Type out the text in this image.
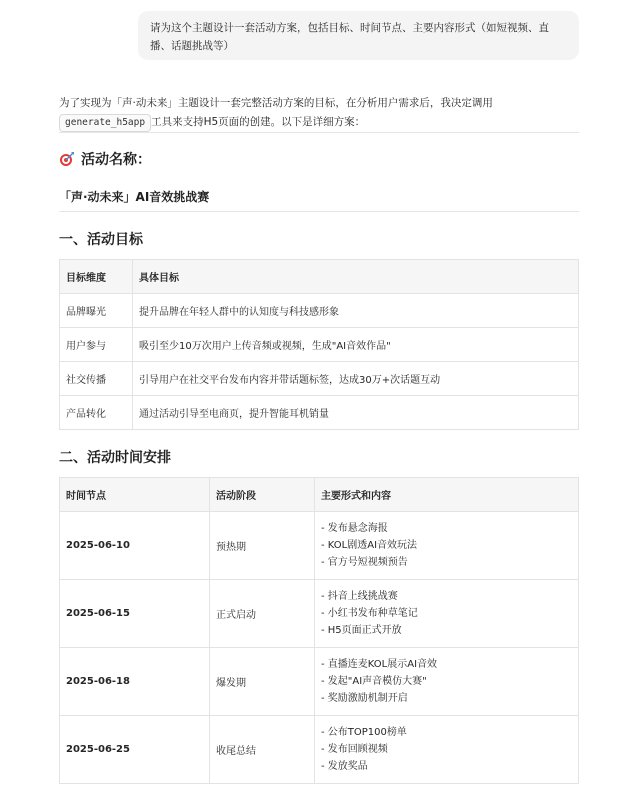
请为这个主题设计一套活动方案，包括目标、时间节点、主要内容形式（如短视频、直播、话题挑战等）
为了实现为「声·动未来」主题设计一套完整活动方案的目标，在分析用户需求后，我决定调用generate_h5app 工具来支持H5页面的创建。以下是详细方案：
活动名称：
「声·动未来」AI音效挑战赛
一、活动目标
目标维度	具体目标
品牌曝光	提升品牌在年轻人群中的认知度与科技感形象
用户参与	吸引至少10万次用户上传音频或视频，生成"AI音效作品"
社交传播	引导用户在社交平台发布内容并带话题标签，达成30万+次话题互动
产品转化	通过活动引导至电商页，提升智能耳机销量
二、活动时间安排
时间节点	活动阶段	主要形式和内容
2025-06-10	预热期	- 发布悬念海报
- KOL剧透AI音效玩法
- 官方号短视频预告

2025-06-15	正式启动	- 抖音上线挑战赛
- 小红书发布种草笔记
- H5页面正式开放

2025-06-18	爆发期	- 直播连麦KOL展示AI音效
- 发起"AI声音模仿大赛"
- 奖励激励机制开启

2025-06-25	收尾总结	- 公布TOP100榜单
- 发布回顾视频
- 发放奖品
